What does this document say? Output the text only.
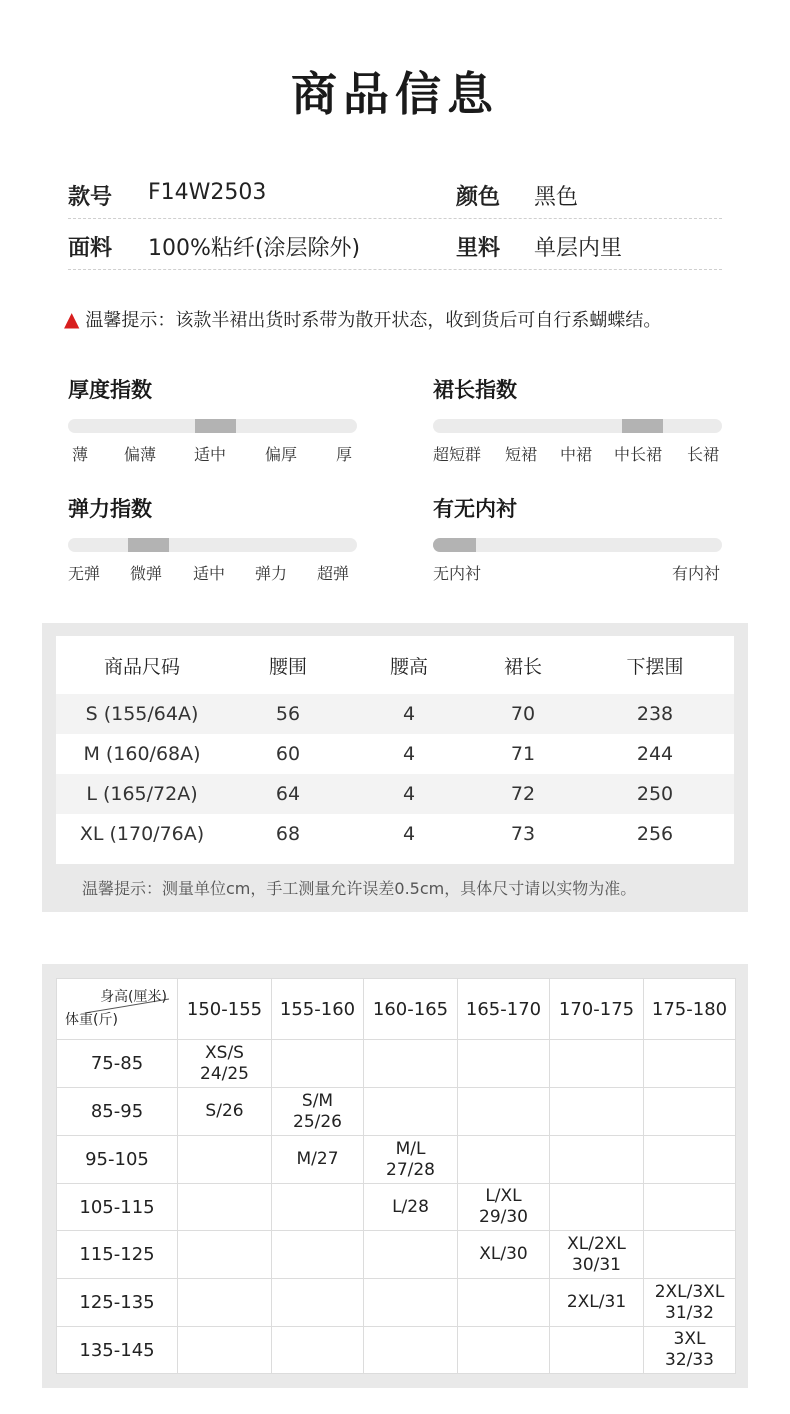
商品信息
款号 F14W2503	颜色 黑色
面料 100%粘纤(涂层除外)	里料 单层内里
▲ 温馨提示：该款半裙出货时系带为散开状态，收到货后可自行系蝴蝶结。
厚度指数
薄 偏薄 适中 偏厚 厚
裙长指数
超短群 短裙 中裙 中长裙 长裙
弹力指数
无弹 微弹 适中 弹力 超弹
有无内衬
无内衬	有内衬
商品尺码	腰围	腰高	裙长	下摆围
S (155/64A)	56	4	70	238
M (160/68A)	60	4	71	244
L (165/72A)	64	4	72	250
XL (170/76A)	68	4	73	256
温馨提示：测量单位cm，手工测量允许误差0.5cm，具体尺寸请以实物为准。
身高(厘米)
体重(斤)	150-155	155-160	160-165	165-170	170-175	175-180
75-85	XS/S
24/25					
85-95	S/26	S/M
25/26				
95-105		M/27	M/L
27/28			
105-115			L/28	L/XL
29/30		
115-125				XL/30	XL/2XL
30/31	
125-135					2XL/31	2XL/3XL
31/32
135-145						3XL
32/33
